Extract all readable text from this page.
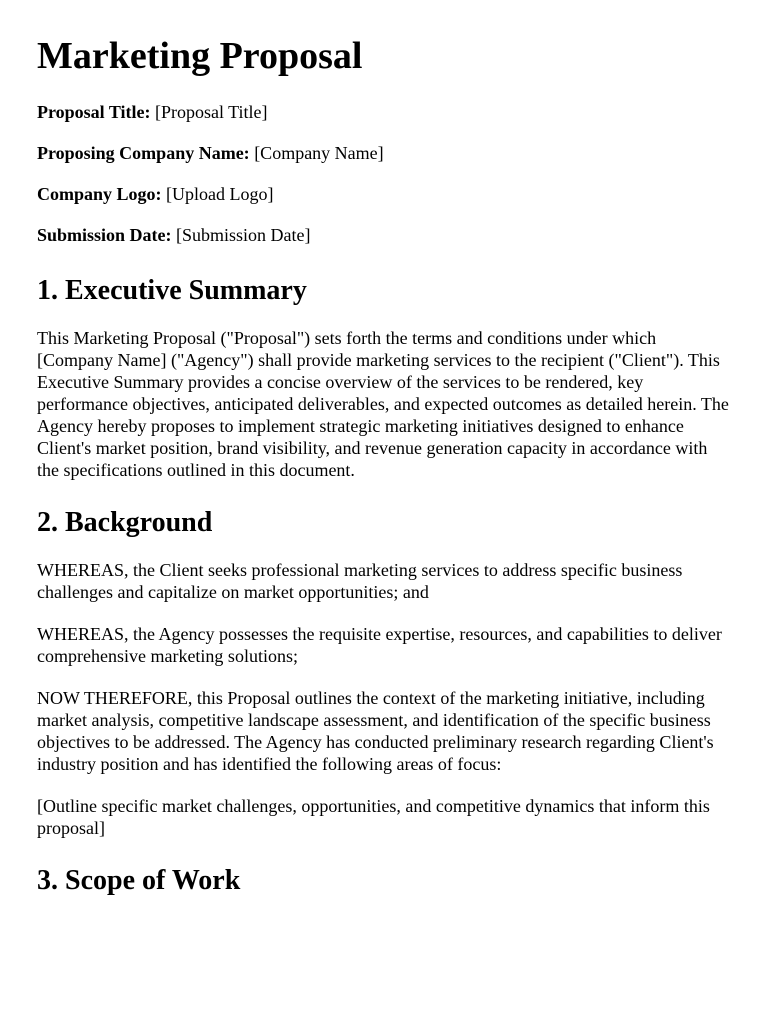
Marketing Proposal
Proposal Title: [Proposal Title]
Proposing Company Name: [Company Name]
Company Logo: [Upload Logo]
Submission Date: [Submission Date]
1. Executive Summary

This Marketing Proposal ("Proposal") sets forth the terms and conditions under which [Company Name] ("Agency") shall provide marketing services to the recipient ("Client"). This Executive Summary provides a concise overview of the services to be rendered, key performance objectives, anticipated deliverables, and expected outcomes as detailed herein. The Agency hereby proposes to implement strategic marketing initiatives designed to enhance Client's market position, brand visibility, and revenue generation capacity in accordance with the specifications outlined in this document.

2. Background

WHEREAS, the Client seeks professional marketing services to address specific business challenges and capitalize on market opportunities; and

WHEREAS, the Agency possesses the requisite expertise, resources, and capabilities to deliver comprehensive marketing solutions;

NOW THEREFORE, this Proposal outlines the context of the marketing initiative, including market analysis, competitive landscape assessment, and identification of the specific business objectives to be addressed. The Agency has conducted preliminary research regarding Client's industry position and has identified the following areas of focus:

[Outline specific market challenges, opportunities, and competitive dynamics that inform this proposal]

3. Scope of Work
